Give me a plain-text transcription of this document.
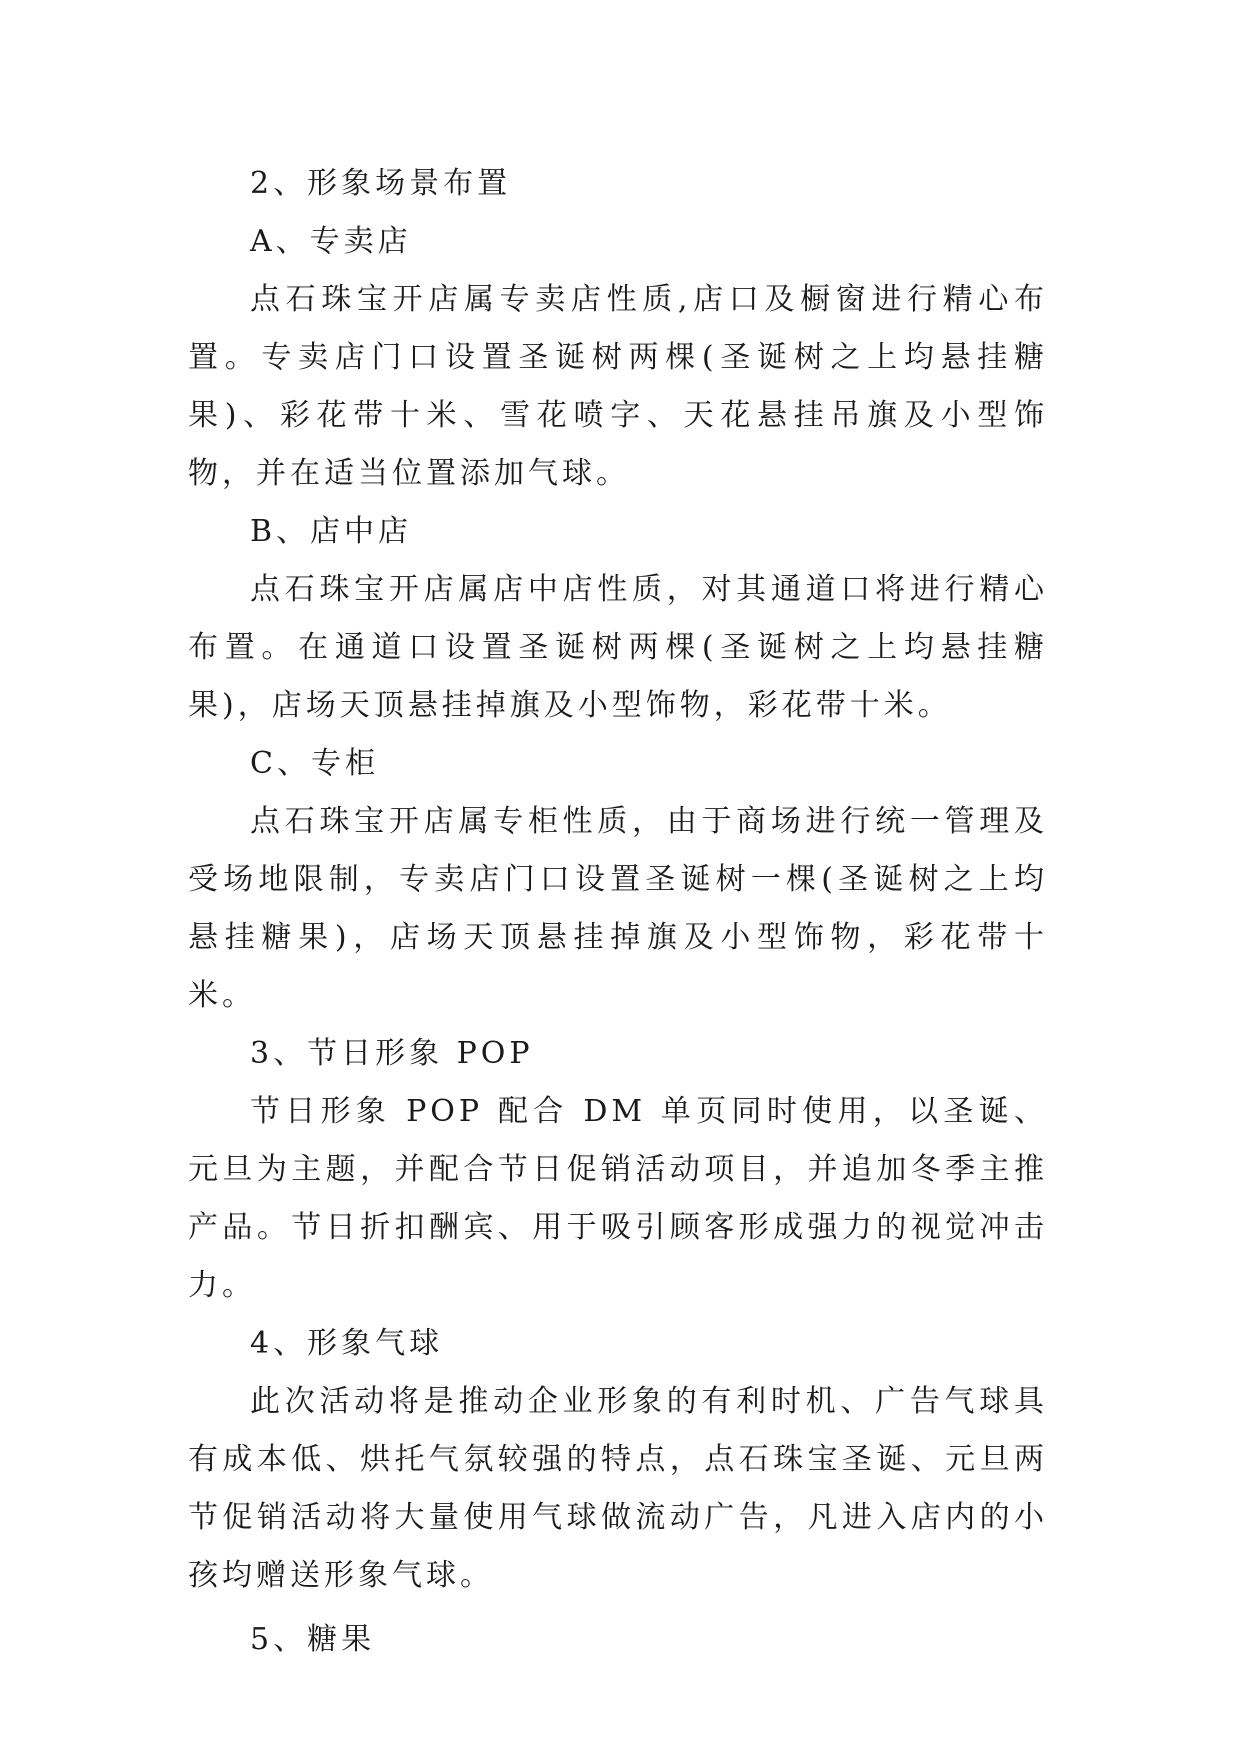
2、形象场景布置
A、专卖店

点石珠宝开店属专卖店性质,店口及橱窗进行精心布置。专卖店门口设置圣诞树两棵(圣诞树之上均悬挂糖果)、彩花带十米、雪花喷字、天花悬挂吊旗及小型饰物，并在适当位置添加气球。

B、店中店

点石珠宝开店属店中店性质，对其通道口将进行精心布置。在通道口设置圣诞树两棵(圣诞树之上均悬挂糖果)，店场天顶悬挂掉旗及小型饰物，彩花带十米。

C、专柜

点石珠宝开店属专柜性质，由于商场进行统一管理及受场地限制，专卖店门口设置圣诞树一棵(圣诞树之上均悬挂糖果)，店场天顶悬挂掉旗及小型饰物，彩花带十米。

3、节日形象 POP

节日形象 POP 配合 DM 单页同时使用，以圣诞、元旦为主题，并配合节日促销活动项目，并追加冬季主推产品。节日折扣酬宾、用于吸引顾客形成强力的视觉冲击力。

4、形象气球

此次活动将是推动企业形象的有利时机、广告气球具有成本低、烘托气氛较强的特点，点石珠宝圣诞、元旦两节促销活动将大量使用气球做流动广告，凡进入店内的小孩均赠送形象气球。

5、糖果
